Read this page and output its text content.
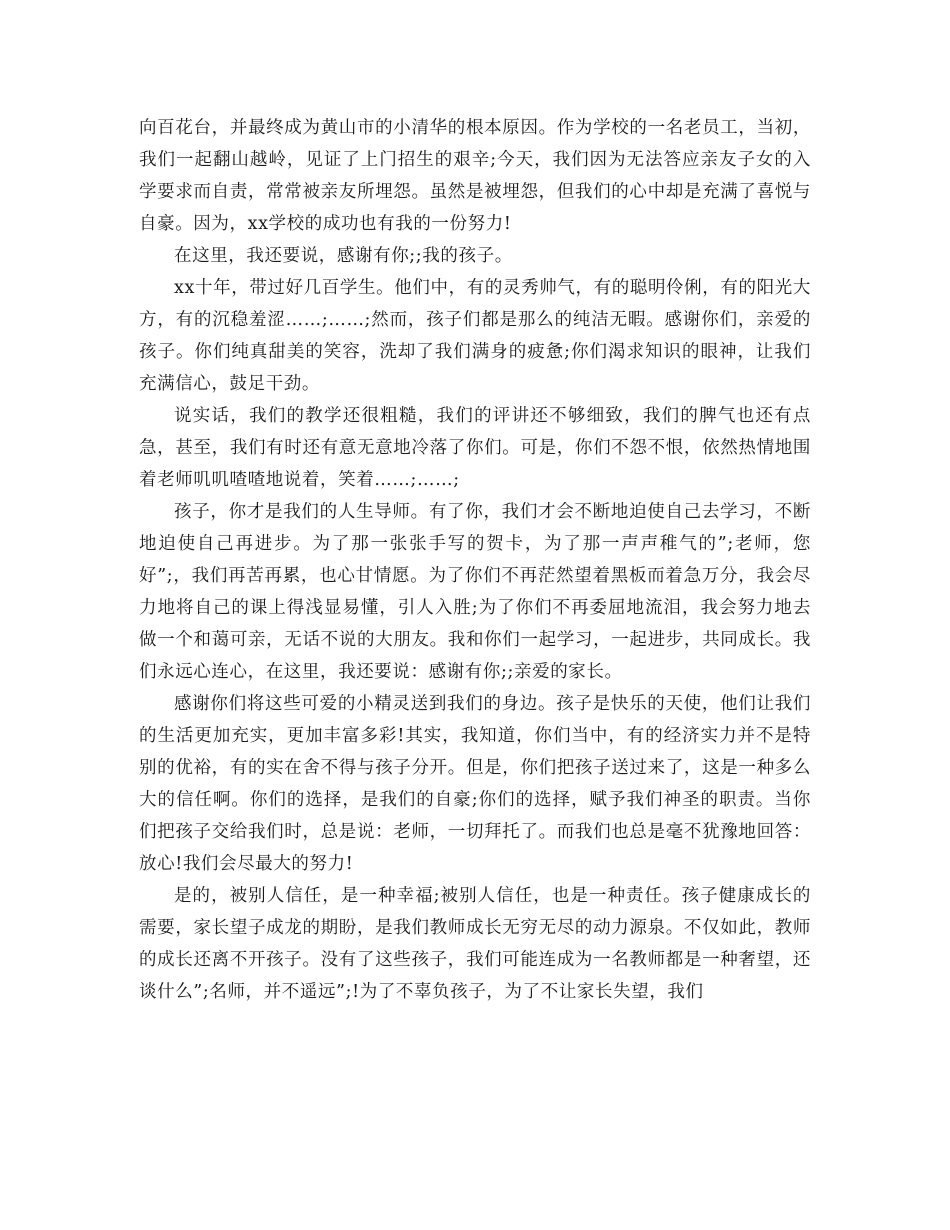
向百花台，并最终成为黄山市的小清华的根本原因。作为学校的一名老员工，当初，我们一起翻山越岭，见证了上门招生的艰辛;今天，我们因为无法答应亲友子女的入学要求而自责，常常被亲友所埋怨。虽然是被埋怨，但我们的心中却是充满了喜悦与自豪。因为，xx学校的成功也有我的一份努力!

在这里，我还要说，感谢有你;;我的孩子。

xx十年，带过好几百学生。他们中，有的灵秀帅气，有的聪明伶俐，有的阳光大方，有的沉稳羞涩……;……;然而，孩子们都是那么的纯洁无暇。感谢你们，亲爱的孩子。你们纯真甜美的笑容，洗却了我们满身的疲惫;你们渴求知识的眼神，让我们充满信心，鼓足干劲。

说实话，我们的教学还很粗糙，我们的评讲还不够细致，我们的脾气也还有点急，甚至，我们有时还有意无意地冷落了你们。可是，你们不怨不恨，依然热情地围着老师叽叽喳喳地说着，笑着……;……;

孩子，你才是我们的人生导师。有了你，我们才会不断地迫使自己去学习，不断地迫使自己再进步。为了那一张张手写的贺卡，为了那一声声稚气的”;老师，您好”;，我们再苦再累，也心甘情愿。为了你们不再茫然望着黑板而着急万分，我会尽力地将自己的课上得浅显易懂，引人入胜;为了你们不再委屈地流泪，我会努力地去做一个和蔼可亲，无话不说的大朋友。我和你们一起学习，一起进步，共同成长。我们永远心连心，在这里，我还要说：感谢有你;;亲爱的家长。

感谢你们将这些可爱的小精灵送到我们的身边。孩子是快乐的天使，他们让我们的生活更加充实，更加丰富多彩!其实，我知道，你们当中，有的经济实力并不是特别的优裕，有的实在舍不得与孩子分开。但是，你们把孩子送过来了，这是一种多么大的信任啊。你们的选择，是我们的自豪;你们的选择，赋予我们神圣的职责。当你们把孩子交给我们时，总是说：老师，一切拜托了。而我们也总是毫不犹豫地回答：放心!我们会尽最大的努力!

是的，被别人信任，是一种幸福;被别人信任，也是一种责任。孩子健康成长的需要，家长望子成龙的期盼，是我们教师成长无穷无尽的动力源泉。不仅如此，教师的成长还离不开孩子。没有了这些孩子，我们可能连成为一名教师都是一种奢望，还谈什么”;名师，并不遥远”;!为了不辜负孩子，为了不让家长失望，我们
